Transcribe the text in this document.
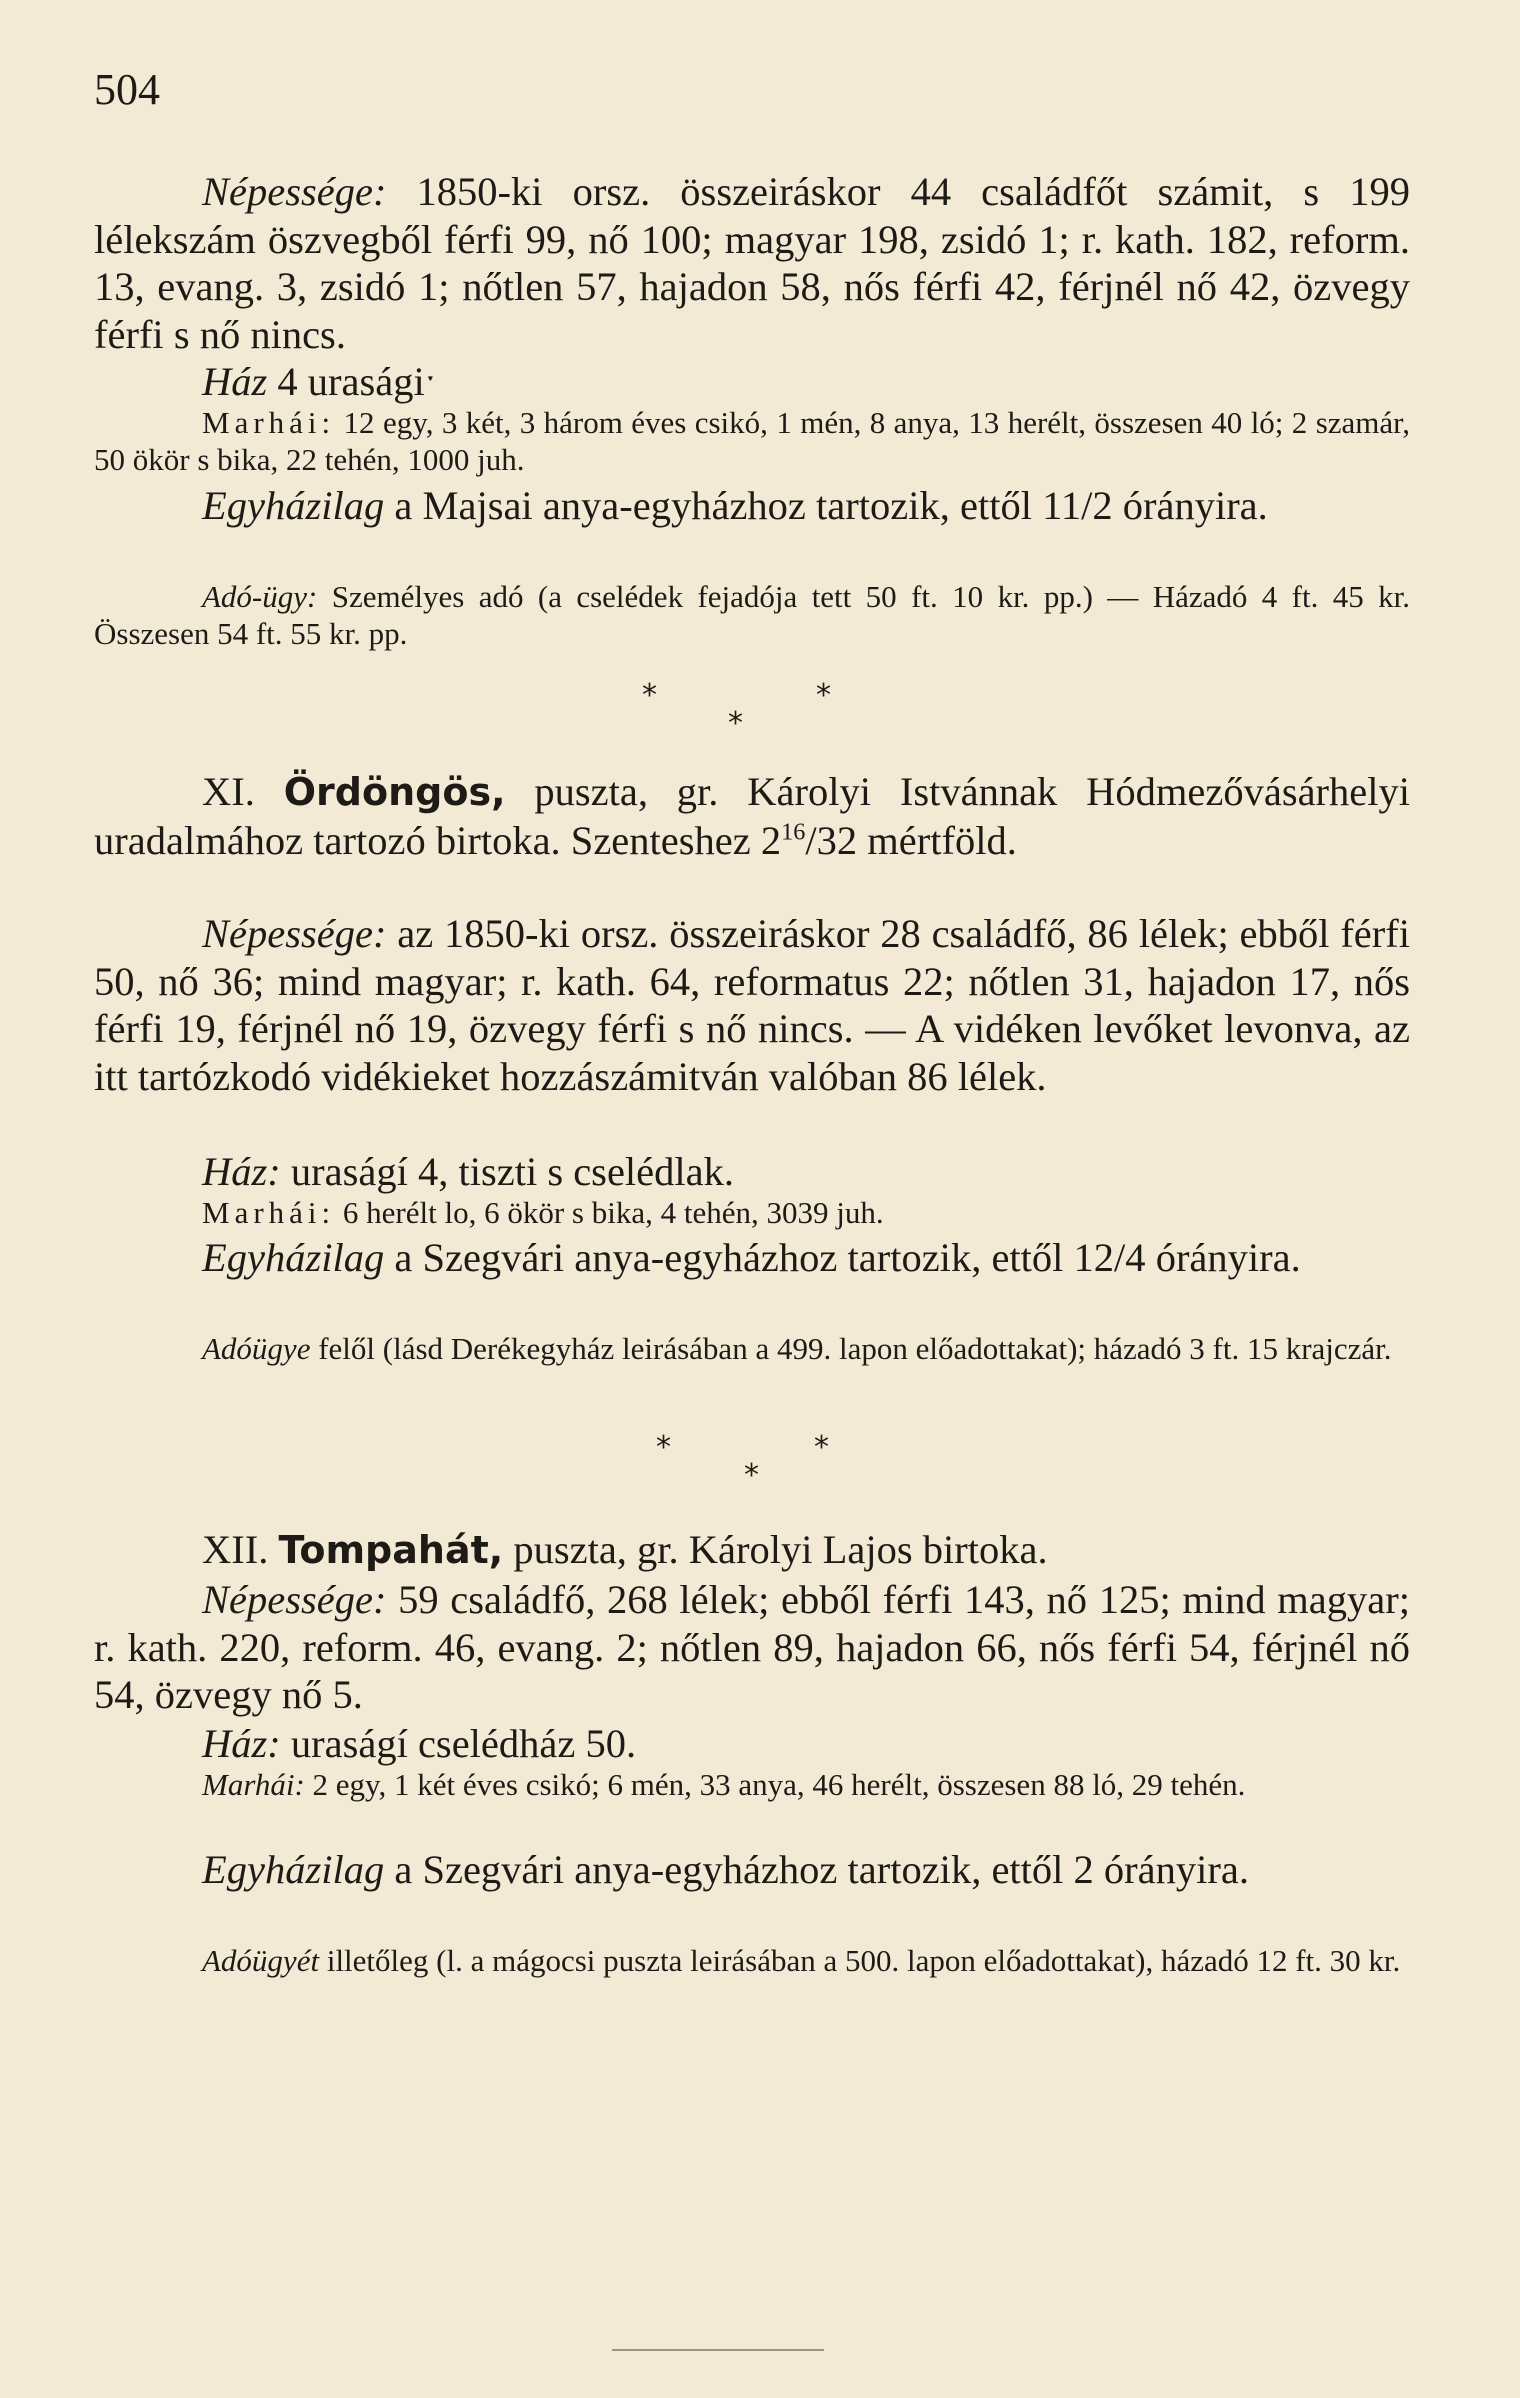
504

Népessége: 1850-ki orsz. összeiráskor 44 családfőt számit, s 199 lélekszám öszvegből férfi 99, nő 100; magyar 198, zsidó 1; r. kath. 182, reform. 13, evang. 3, zsidó 1; nőtlen 57, hajadon 58, nős férfi 42, férjnél nő 42, özvegy férfi s nő nincs.

Ház 4 uraságiˑ

Marhái: 12 egy, 3 két, 3 három éves csikó, 1 mén, 8 anya, 13 herélt, összesen 40 ló; 2 szamár, 50 ökör s bika, 22 tehén, 1000 juh.

Egyházilag a Majsai anya-egyházhoz tartozik, ettől 11/2 órányira.

Adó-ügy: Személyes adó (a cselédek fejadója tett 50 ft. 10 kr. pp.) — Házadó 4 ft. 45 kr. Összesen 54 ft. 55 kr. pp.

*	*
*

XI. Ördöngös, puszta, gr. Károlyi Istvánnak Hódmezővásárhelyi uradalmához tartozó birtoka. Szenteshez $2^{16}/32$ mértföld.

Népessége: az 1850-ki orsz. összeiráskor 28 családfő, 86 lélek; ebből férfi 50, nő 36; mind magyar; r. kath. 64, reformatus 22; nőtlen 31, hajadon 17, nős férfi 19, férjnél nő 19, özvegy férfi s nő nincs. — A vidéken levőket levonva, az itt tartózkodó vidékieket hozzászámitván valóban 86 lélek.

Ház: uraságí 4, tiszti s cselédlak.

Marhái: 6 herélt lo, 6 ökör s bika, 4 tehén, 3039 juh.

Egyházilag a Szegvári anya-egyházhoz tartozik, ettől 12/4 órányira.

Adóügye felől (lásd Derékegyház leirásában a 499. lapon előadottakat); házadó 3 ft. 15 krajczár.

*	*
*

XII. Tompahát, puszta, gr. Károlyi Lajos birtoka.

Népessége: 59 családfő, 268 lélek; ebből férfi 143, nő 125; mind magyar; r. kath. 220, reform. 46, evang. 2; nőtlen 89, hajadon 66, nős férfi 54, férjnél nő 54, özvegy nő 5.

Ház: uraságí cselédház 50.

Marhái: 2 egy, 1 két éves csikó; 6 mén, 33 anya, 46 herélt, összesen 88 ló, 29 tehén.

Egyházilag a Szegvári anya-egyházhoz tartozik, ettől 2 órányira.

Adóügyét illetőleg (l. a mágocsi puszta leirásában a 500. lapon előadottakat), házadó 12 ft. 30 kr.
